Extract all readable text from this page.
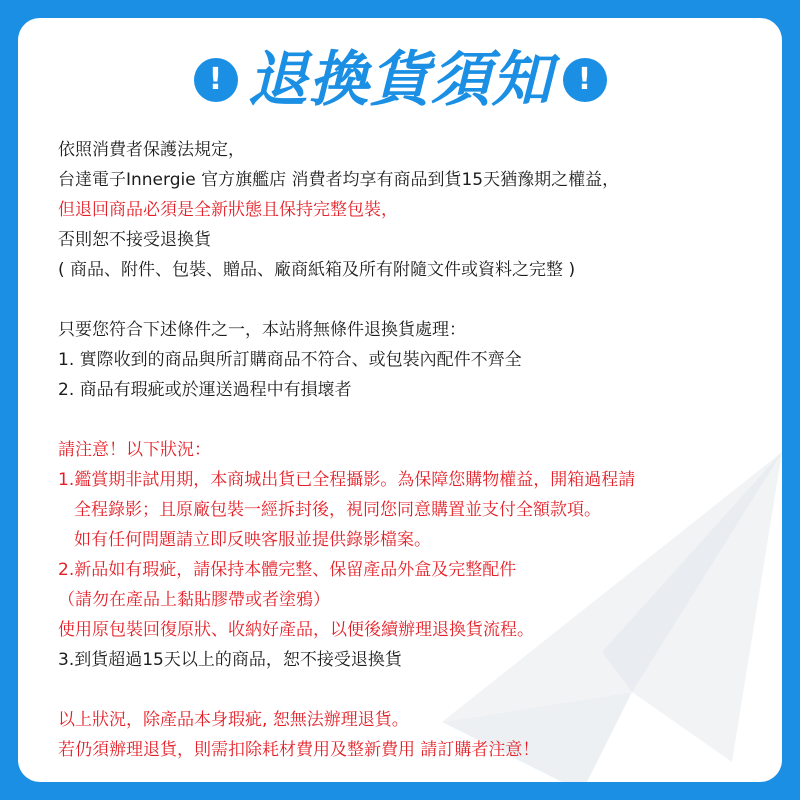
! 退換貨須知 !
依照消費者保護法規定，
台達電子Innergie 官方旗艦店 消費者均享有商品到貨15天猶豫期之權益，
但退回商品必須是全新狀態且保持完整包裝，
否則恕不接受退換貨
( 商品、附件、包裝、贈品、廠商紙箱及所有附隨文件或資料之完整 )
只要您符合下述條件之一，本站將無條件退換貨處理：
1. 實際收到的商品與所訂購商品不符合、或包裝內配件不齊全
2. 商品有瑕疵或於運送過程中有損壞者
請注意！以下狀況：
1.鑑賞期非試用期，本商城出貨已全程攝影。為保障您購物權益，開箱過程請
全程錄影；且原廠包裝一經拆封後，視同您同意購置並支付全額款項。
如有任何問題請立即反映客服並提供錄影檔案。
2.新品如有瑕疵，請保持本體完整、保留產品外盒及完整配件
（請勿在產品上黏貼膠帶或者塗鴉）
使用原包裝回復原狀、收納好產品，以便後續辦理退換貨流程。
3.到貨超過15天以上的商品，恕不接受退換貨
以上狀況，除產品本身瑕疵, 恕無法辦理退貨。
若仍須辦理退貨，則需扣除耗材費用及整新費用 請訂購者注意！
